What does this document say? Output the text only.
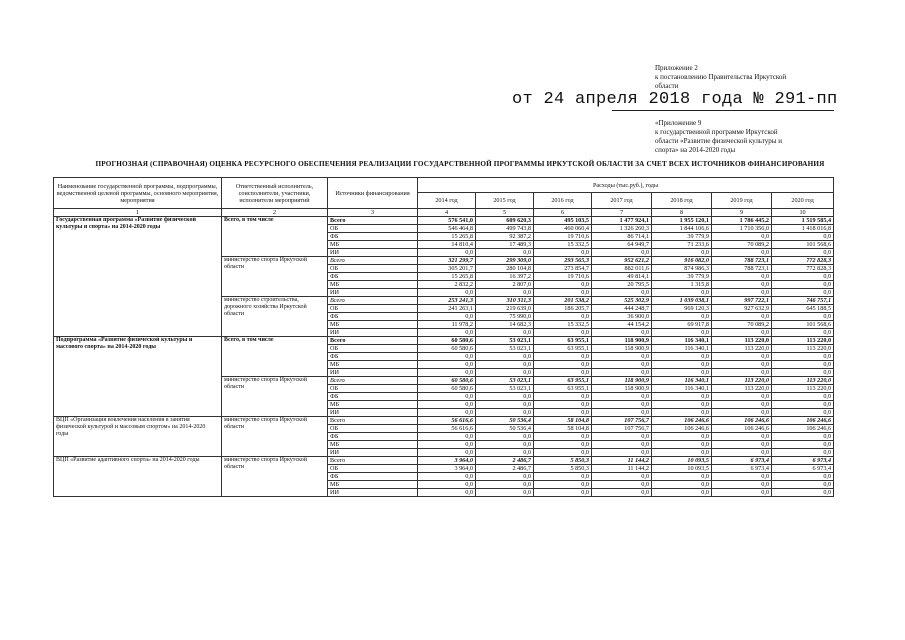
Приложение 2
к постановлению Правительства Иркутской
области
от 24 апреля 2018 года № 291-пп
«Приложение 9
к государственной программе Иркутской
области «Развитие физической культуры и
спорта» на 2014-2020 годы
ПРОГНОЗНАЯ (СПРАВОЧНАЯ) ОЦЕНКА РЕСУРСНОГО ОБЕСПЕЧЕНИЯ РЕАЛИЗАЦИИ ГОСУДАРСТВЕННОЙ ПРОГРАММЫ ИРКУТСКОЙ ОБЛАСТИ ЗА СЧЕТ ВСЕХ ИСТОЧНИКОВ ФИНАНСИРОВАНИЯ
Наименование государственной программы, подпрограммы, ведомственной целевой программы, основного мероприятия, мероприятия	Ответственный исполнитель, соисполнители, участники, исполнители мероприятий	Источники финансирования	Расходы (тыс.руб.), годы						
			2014 год	2015 год	2016 год	2017 год	2018 год	2019 год	2020 год
1	2	3	4	5	6	7	8	9	10
Государственная программа «Развитие физической культуры и спорта» на 2014-2020 годы	Всего, в том числе	Всего	576 541,0	609 620,3	495 103,5	1 477 924,1	1 955 120,1	1 786 445,2	1 519 585,4
		ОБ	546 464,8	499 743,8	460 060,4	1 326 260,3	1 844 106,6	1 710 356,0	1 418 016,8
		ФБ	15 265,8	92 387,2	19 710,6	86 714,1	39 779,9	0,0	0,0
		МБ	14 810,4	17 489,3	15 332,5	64 949,7	71 233,6	70 089,2	101 568,6
		ИИ	0,0	0,0	0,0	0,0	0,0	0,0	0,0
	министерство спорта Иркутской области	Всего	321 299,7	299 309,0	293 565,3	952 621,2	916 082,0	788 723,1	772 828,3
		ОБ	305 201,7	280 104,8	273 854,7	882 011,6	874 986,3	788 723,1	772 828,3
		ФБ	15 265,8	16 397,2	19 710,6	49 814,1	39 779,9	0,0	0,0
		МБ	2 832,2	2 807,0	0,0	20 795,5	1 315,8	0,0	0,0
		ИИ	0,0	0,0	0,0	0,0	0,0	0,0	0,0
	министерство строительства, дорожного хозяйства Иркутской области	Всего	253 241,3	310 311,3	201 538,2	525 302,9	1 039 038,1	997 722,1	746 757,1
		ОБ	241 263,1	219 639,0	186 205,7	444 248,7	969 120,3	927 632,9	645 188,5
		ФБ	0,0	75 990,0	0,0	36 900,0	0,0	0,0	0,0
		МБ	11 978,2	14 682,3	15 332,5	44 154,2	69 917,8	70 089,2	101 568,6
		ИИ	0,0	0,0	0,0	0,0	0,0	0,0	0,0
Подпрограмма «Развитие физической культуры и массового спорта» на 2014-2020 годы	Всего, в том числе	Всего	60 580,6	53 023,1	63 955,1	118 900,9	116 340,1	113 220,0	113 220,0
		ОБ	60 580,6	53 023,1	63 955,1	118 900,9	116 340,1	113 220,0	113 220,0
		ФБ	0,0	0,0	0,0	0,0	0,0	0,0	0,0
		МБ	0,0	0,0	0,0	0,0	0,0	0,0	0,0
		ИИ	0,0	0,0	0,0	0,0	0,0	0,0	0,0
	министерство спорта Иркутской области	Всего	60 580,6	53 023,1	63 955,1	118 900,9	116 340,1	113 220,0	113 220,0
		ОБ	60 580,6	53 023,1	63 955,1	118 900,9	116 340,1	113 220,0	113 220,0
		ФБ	0,0	0,0	0,0	0,0	0,0	0,0	0,0
		МБ	0,0	0,0	0,0	0,0	0,0	0,0	0,0
		ИИ	0,0	0,0	0,0	0,0	0,0	0,0	0,0
ВЦП «Организация вовлечения населения в занятия физической культурой и массовым спортом» на 2014-2020 годы	министерство спорта Иркутской области	Всего	56 616,6	50 536,4	58 104,8	107 756,7	106 246,6	106 246,6	106 246,6
		ОБ	56 616,6	50 536,4	58 104,8	107 756,7	106 246,6	106 246,6	106 246,6
		ФБ	0,0	0,0	0,0	0,0	0,0	0,0	0,0
		МБ	0,0	0,0	0,0	0,0	0,0	0,0	0,0
		ИИ	0,0	0,0	0,0	0,0	0,0	0,0	0,0
ВЦП «Развитие адаптивного спорта» на 2014-2020 годы	министерство спорта Иркутской области	Всего	3 964,0	2 486,7	5 850,3	11 144,2	10 093,5	6 973,4	6 973,4
		ОБ	3 964,0	2 486,7	5 850,3	11 144,2	10 093,5	6 973,4	6 973,4
		ФБ	0,0	0,0	0,0	0,0	0,0	0,0	0,0
		МБ	0,0	0,0	0,0	0,0	0,0	0,0	0,0
		ИИ	0,0	0,0	0,0	0,0	0,0	0,0	0,0
